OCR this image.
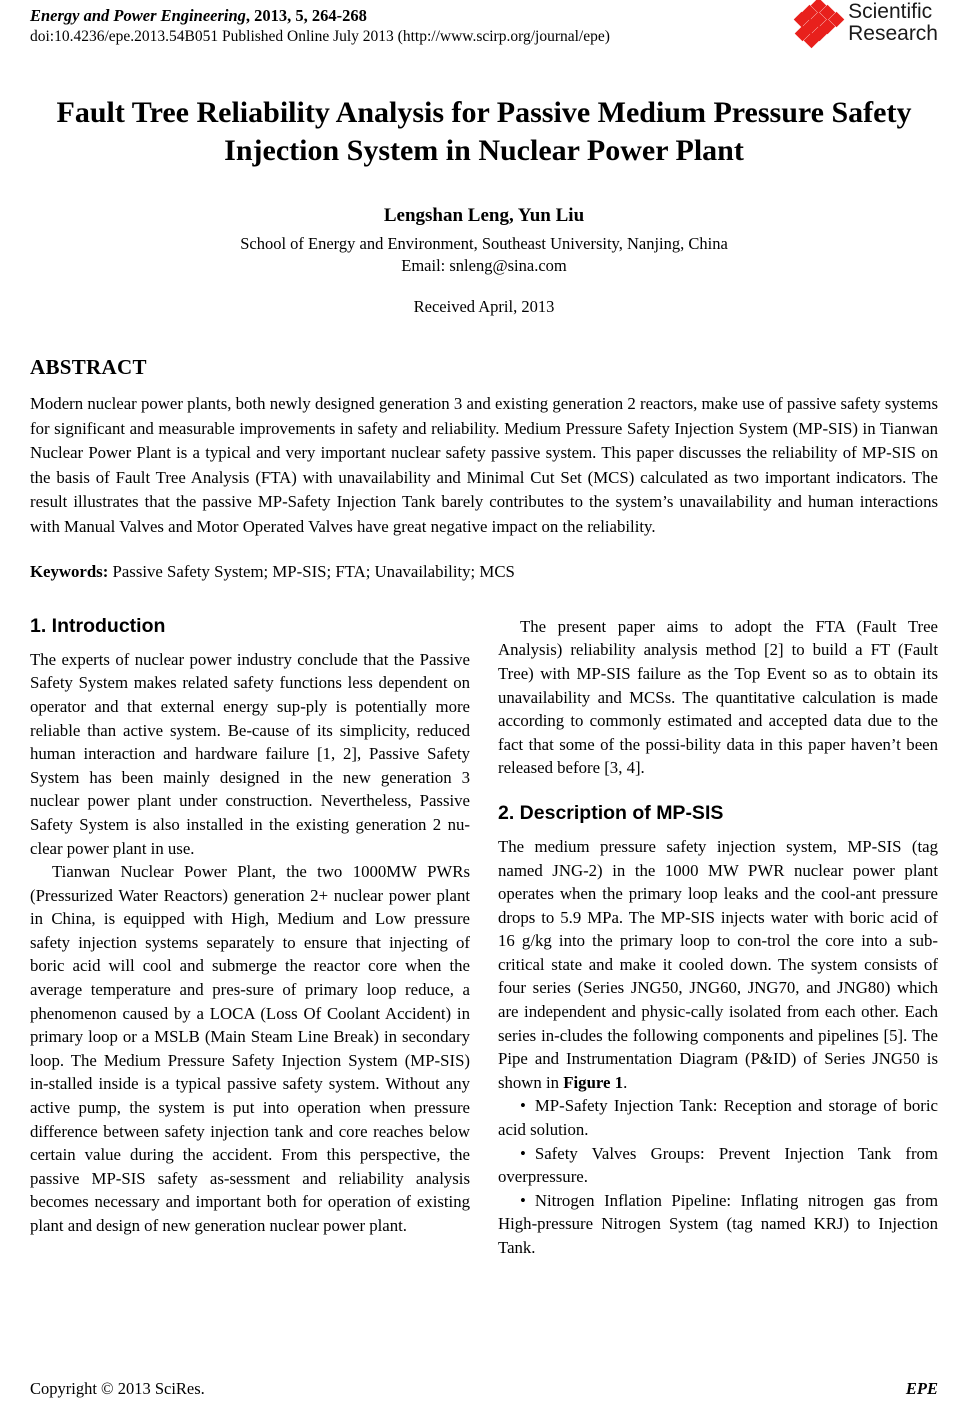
Energy and Power Engineering, 2013, 5, 264-268
doi:10.4236/epe.2013.54B051 Published Online July 2013 (http://www.scirp.org/journal/epe)
Scientific
Research
Fault Tree Reliability Analysis for Passive Medium Pressure Safety Injection System in Nuclear Power Plant
Lengshan Leng, Yun Liu
School of Energy and Environment, Southeast University, Nanjing, China
Email: snleng@sina.com
Received April, 2013
ABSTRACT
Modern nuclear power plants, both newly designed generation 3 and existing generation 2 reactors, make use of passive safety systems for significant and measurable improvements in safety and reliability. Medium Pressure Safety Injection System (MP-SIS) in Tianwan Nuclear Power Plant is a typical and very important nuclear safety passive system. This paper discusses the reliability of MP-SIS on the basis of Fault Tree Analysis (FTA) with unavailability and Minimal Cut Set (MCS) calculated as two important indicators. The result illustrates that the passive MP-Safety Injection Tank barely contributes to the system’s unavailability and human interactions with Manual Valves and Motor Operated Valves have great negative impact on the reliability.
Keywords: Passive Safety System; MP-SIS; FTA; Unavailability; MCS
1. Introduction

The experts of nuclear power industry conclude that the Passive Safety System makes related safety functions less dependent on operator and that external energy sup-ply is potentially more reliable than active system. Be-cause of its simplicity, reduced human interaction and hardware failure [1, 2], Passive Safety System has been mainly designed in the new generation 3 nuclear power plant under construction. Nevertheless, Passive Safety System is also installed in the existing generation 2 nu-clear power plant in use.

Tianwan Nuclear Power Plant, the two 1000MW PWRs (Pressurized Water Reactors) generation 2+ nuclear power plant in China, is equipped with High, Medium and Low pressure safety injection systems separately to ensure that injecting of boric acid will cool and submerge the reactor core when the average temperature and pres-sure of primary loop reduce, a phenomenon caused by a LOCA (Loss Of Coolant Accident) in primary loop or a MSLB (Main Steam Line Break) in secondary loop. The Medium Pressure Safety Injection System (MP-SIS) in-stalled inside is a typical passive safety system. Without any active pump, the system is put into operation when pressure difference between safety injection tank and core reaches below certain value during the accident. From this perspective, the passive MP-SIS safety as-sessment and reliability analysis becomes necessary and important both for operation of existing plant and design of new generation nuclear power plant.

The present paper aims to adopt the FTA (Fault Tree Analysis) reliability analysis method [2] to build a FT (Fault Tree) with MP-SIS failure as the Top Event so as to obtain its unavailability and MCSs. The quantitative calculation is made according to commonly estimated and accepted data due to the fact that some of the possi-bility data in this paper haven’t been released before [3, 4].

2. Description of MP-SIS

The medium pressure safety injection system, MP-SIS (tag named JNG-2) in the 1000 MW PWR nuclear power plant operates when the primary loop leaks and the cool-ant pressure drops to 5.9 MPa. The MP-SIS injects water with boric acid of 16 g/kg into the primary loop to con-trol the core into a sub-critical state and make it cooled down. The system consists of four series (Series JNG50, JNG60, JNG70, and JNG80) which are independent and physic-cally isolated from each other. Each series in-cludes the following components and pipelines [5]. The Pipe and Instrumentation Diagram (P&ID) of Series JNG50 is shown in Figure 1.

• MP-Safety Injection Tank: Reception and storage of boric acid solution.

• Safety Valves Groups: Prevent Injection Tank from overpressure.

• Nitrogen Inflation Pipeline: Inflating nitrogen gas from High-pressure Nitrogen System (tag named KRJ) to Injection Tank.

Copyright © 2013 SciRes.	EPE
